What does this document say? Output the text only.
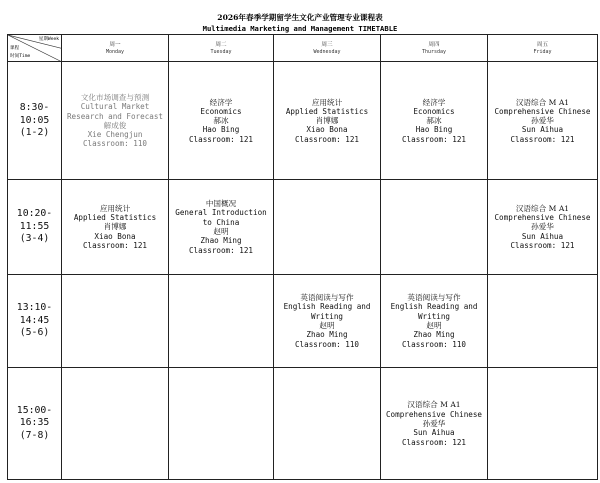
2026年春季学期留学生文化产业管理专业课程表
Multimedia Marketing and Management TIMETABLE
星期Week
课程
时间Time	周一
Monday	周二
Tuesday	周三
Wednesday	周四
Thursday	周五
Friday

8:30-
10:05
(1-2)	文化市场调查与预测
Cultural Market Research and Forecast
解成俊
Xie Chengjun
Classroom: 110	经济学
Economics
郝冰
Hao Bing
Classroom: 121	应用统计
Applied Statistics
肖博娜
Xiao Bona
Classroom: 121	经济学
Economics
郝冰
Hao Bing
Classroom: 121	汉语综合 M A1
Comprehensive Chinese
孙爱华
Sun Aihua
Classroom: 121

10:20-
11:55
(3-4)	应用统计
Applied Statistics
肖博娜
Xiao Bona
Classroom: 121	中国概况
General Introduction to China
赵明
Zhao Ming
Classroom: 121			汉语综合 M A1
Comprehensive Chinese
孙爱华
Sun Aihua
Classroom: 121

13:10-
14:45
(5-6)			英语阅读与写作
English Reading and Writing
赵明
Zhao Ming
Classroom: 110	英语阅读与写作
English Reading and Writing
赵明
Zhao Ming
Classroom: 110	

15:00-
16:35
(7-8)				汉语综合 M A1
Comprehensive Chinese
孙爱华
Sun Aihua
Classroom: 121	
